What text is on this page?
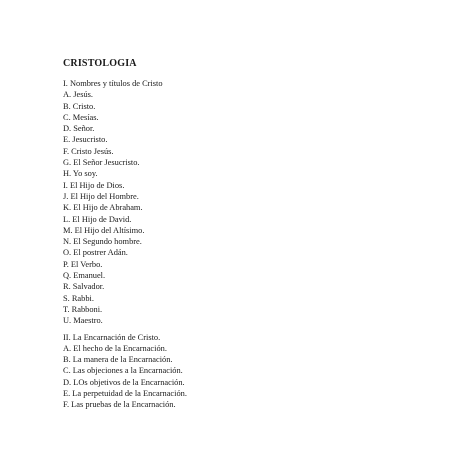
CRISTOLOGIA
I. Nombres y títulos de Cristo
A. Jesús.
B. Cristo.
C. Mesías.
D. Señor.
E. Jesucristo.
F. Cristo Jesús.
G. El Señor Jesucristo.
H. Yo soy.
I. El Hijo de Dios.
J. El Hijo del Hombre.
K. El Hijo de Abraham.
L. El Hijo de David.
M. El Hijo del Altísimo.
N. El Segundo hombre.
O. El postrer Adán.
P. El Verbo.
Q. Emanuel.
R. Salvador.
S. Rabbi.
T. Rabboni.
U. Maestro.
II. La Encarnación de Cristo.
A. El hecho de la Encarnación.
B. La manera de la Encarnación.
C. Las objeciones a la Encarnación.
D. LOs objetivos de la Encarnación.
E. La perpetuidad de la Encarnación.
F. Las pruebas de la Encarnación.
